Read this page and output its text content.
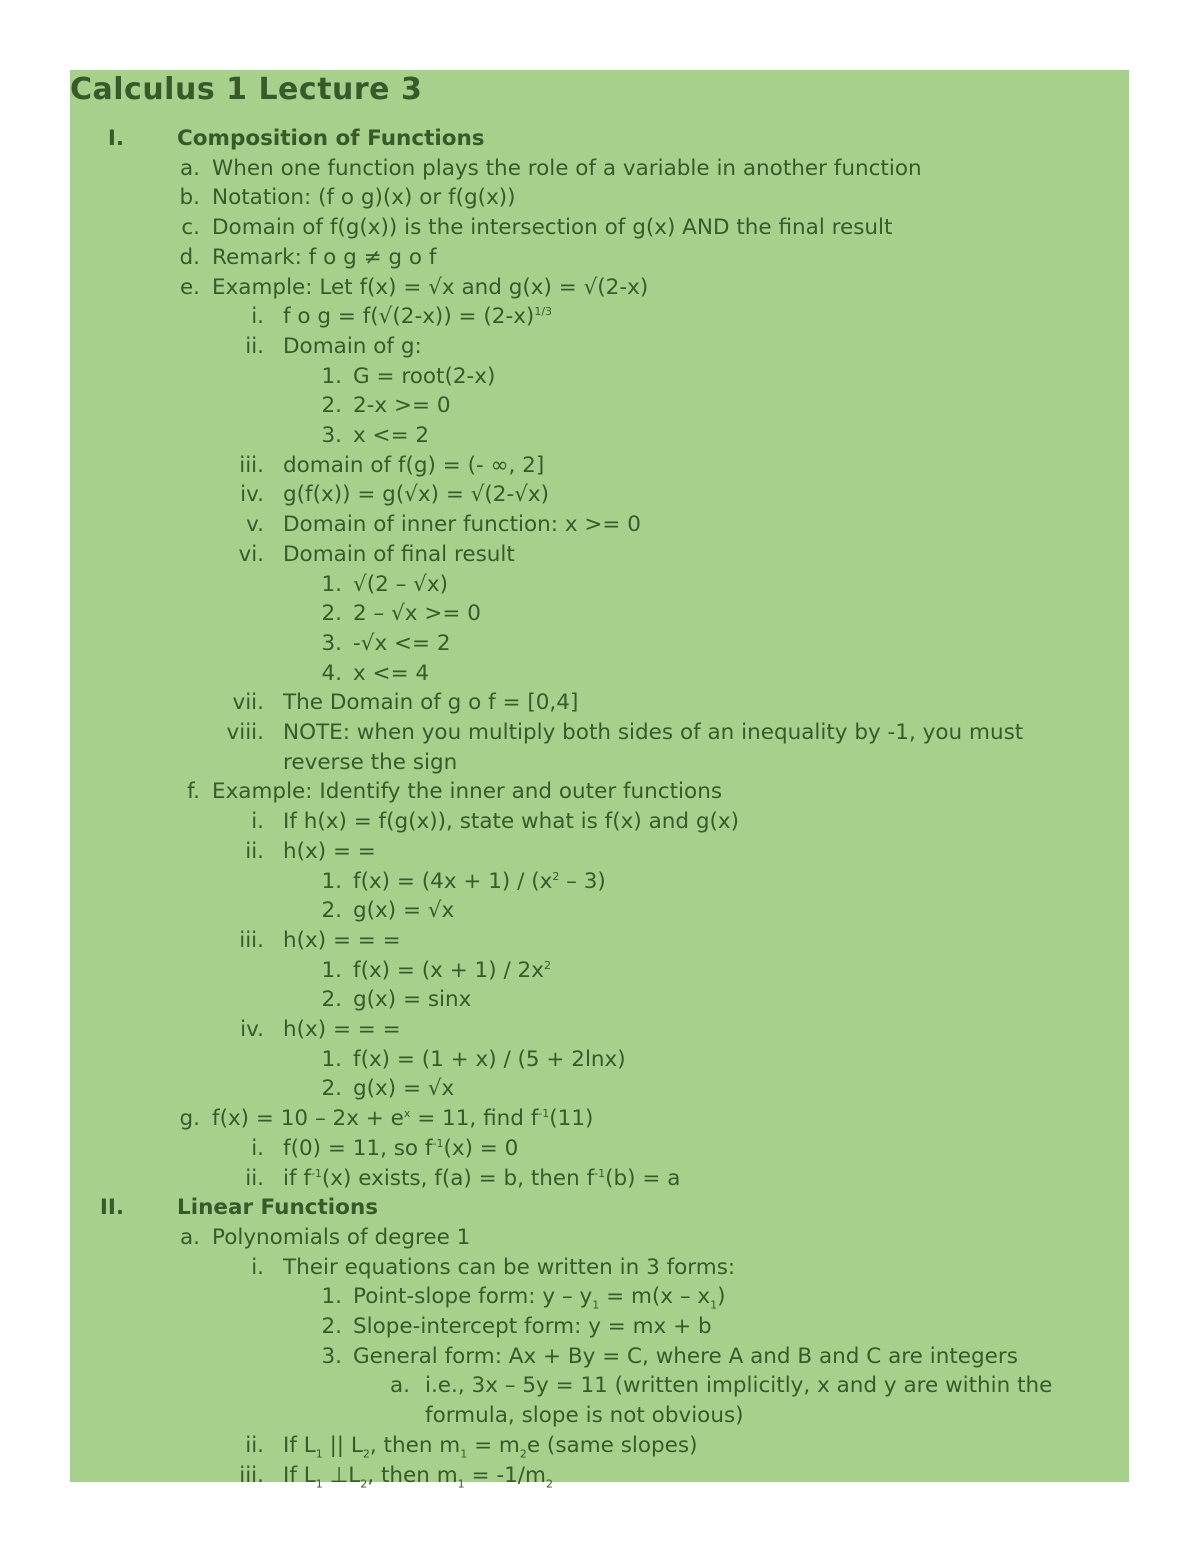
Calculus 1 Lecture 3
I. Composition of Functions
a. When one function plays the role of a variable in another function
b. Notation: (f o g)(x) or f(g(x))
c. Domain of f(g(x)) is the intersection of g(x) AND the final result
d. Remark: f o g ≠ g o f
e. Example: Let f(x) = √x and g(x) = √(2-x)
i. f o $g = f(√(2-x)) = (2-x)^{1/3}$
ii. Domain of g:
1. G = root(2-x)
2. 2-x >= 0
3. x <= 2
iii. domain of f(g) = (- ∞, 2]
iv. g(f(x)) = g(√x) = √(2-√x)
v. Domain of inner function: x >= 0
vi. Domain of final result
1. √(2 – √x)
2. 2 – √x >= 0
3. -√x <= 2
4. x <= 4
vii. The Domain of g o f = [0,4]
viii. NOTE: when you multiply both sides of an inequality by -1, you must
reverse the sign
f. Example: Identify the inner and outer functions
i. If h(x) = f(g(x)), state what is f(x) and g(x)
ii. h(x) = =
1. $f(x) = (4x + 1) / (x^2 - 3)$
2. g(x) = √x
iii. h(x) = = =
1. $f(x) = (x + 1) / 2x^2$
2. g(x) = sinx
iv. h(x) = = =
1. f(x) = (1 + x) / (5 + 2lnx)
2. g(x) = √x
g. $f(x) = 10 - 2x + e^x = 11$, find $f^{-1}(11)$
i. f(0) = 11, so $f^{-1}(x) = 0$
ii. if $f^{-1}(x)$ exists, f(a) = b, then $f^{-1}(b) = a$
II. Linear Functions
a. Polynomials of degree 1
i. Their equations can be written in 3 forms:
1. Point-slope form: $y - y_1 = m(x - x_1)$
2. Slope-intercept form: y = mx + b
3. General form: Ax + By = C, where A and B and C are integers
a. i.e., 3x – 5y = 11 (written implicitly, x and y are within the
formula, slope is not obvious)
ii. If $L_1$ || $L_2$, then $m_1 = m_2e$ (same slopes)
iii. If $L_1$ $\perp L_2$, then $m_1 = -1/m_2$
